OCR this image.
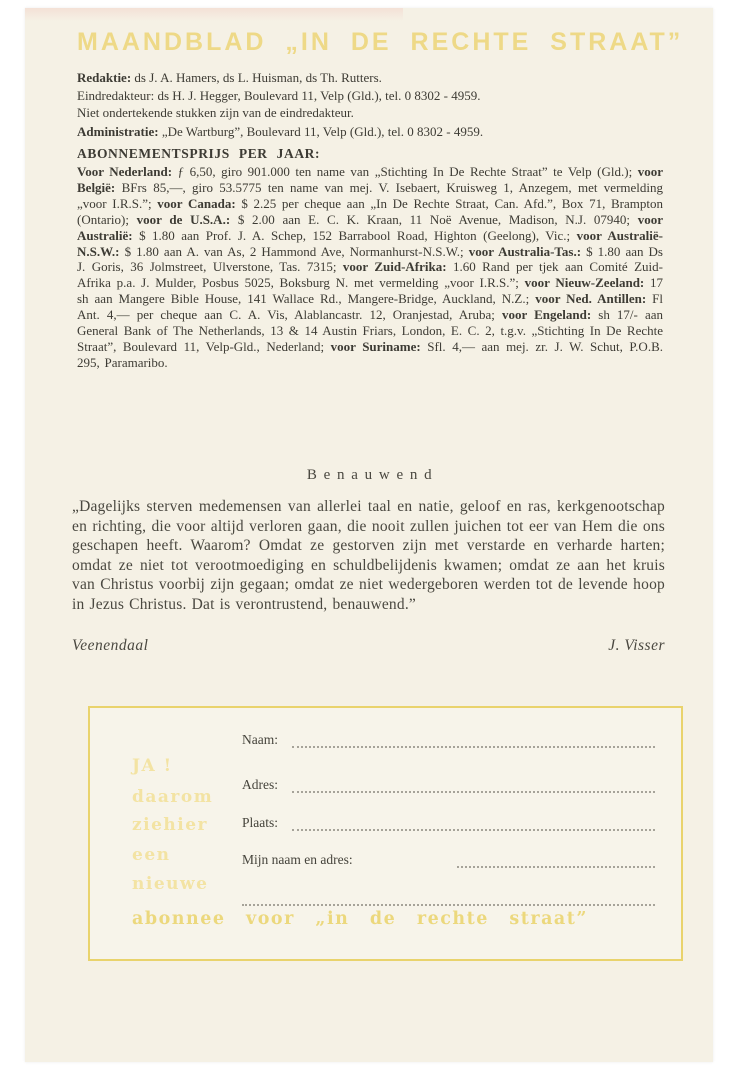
MAANDBLAD „IN DE RECHTE STRAAT”

Redaktie: ds J. A. Hamers, ds L. Huisman, ds Th. Rutters.

Eindredakteur: ds H. J. Hegger, Boulevard 11, Velp (Gld.), tel. 0 8302 - 4959.

Niet ondertekende stukken zijn van de eindredakteur.

Administratie: „De Wartburg”, Boulevard 11, Velp (Gld.), tel. 0 8302 - 4959.

ABONNEMENTSPRIJS PER JAAR:

Voor Nederland: ƒ 6,50, giro 901.000 ten name van „Stichting In De Rechte Straat” te Velp (Gld.); voor België: BFrs 85,—, giro 53.5775 ten name van mej. V. Isebaert, Kruisweg 1, Anzegem, met vermelding „voor I.R.S.”; voor Canada: $ 2.25 per cheque aan „In De Rechte Straat, Can. Afd.”, Box 71, Brampton (Ontario); voor de U.S.A.: $ 2.00 aan E. C. K. Kraan, 11 Noë Avenue, Madison, N.J. 07940; voor Australië: $ 1.80 aan Prof. J. A. Schep, 152 Barrabool Road, Highton (Geelong), Vic.; voor Australië-N.S.W.: $ 1.80 aan A. van As, 2 Hammond Ave, Normanhurst-N.S.W.; voor Australia-Tas.: $ 1.80 aan Ds J. Goris, 36 Jolmstreet, Ulverstone, Tas. 7315; voor Zuid-Afrika: 1.60 Rand per tjek aan Comité Zuid-Afrika p.a. J. Mulder, Posbus 5025, Boksburg N. met vermelding „voor I.R.S.”; voor Nieuw-Zeeland: 17 sh aan Mangere Bible House, 141 Wallace Rd., Mangere-Bridge, Auckland, N.Z.; voor Ned. Antillen: Fl Ant. 4,— per cheque aan C. A. Vis, Alablancastr. 12, Oranjestad, Aruba; voor Engeland: sh 17/- aan General Bank of The Netherlands, 13 & 14 Austin Friars, London, E. C. 2, t.g.v. „Stichting In De Rechte Straat”, Boulevard 11, Velp-Gld., Nederland; voor Suriname: Sfl. 4,— aan mej. zr. J. W. Schut, P.O.B. 295, Paramaribo.

B e n a u w e n d

„Dagelijks sterven medemensen van allerlei taal en natie, geloof en ras, kerkgenootschap en richting, die voor altijd verloren gaan, die nooit zullen juichen tot eer van Hem die ons geschapen heeft. Waarom? Omdat ze gestorven zijn met verstarde en verharde harten; omdat ze niet tot verootmoediging en schuldbelijdenis kwamen; omdat ze aan het kruis van Christus voorbij zijn gegaan; omdat ze niet wedergeboren werden tot de levende hoop in Jezus Christus. Dat is verontrustend, benauwend.”

Veenendaal	J. Visser
JA !
daarom
ziehier
een
nieuwe
abonnee voor „in de rechte straat”
Naam:
Adres:
Plaats:
Mijn naam en adres:
